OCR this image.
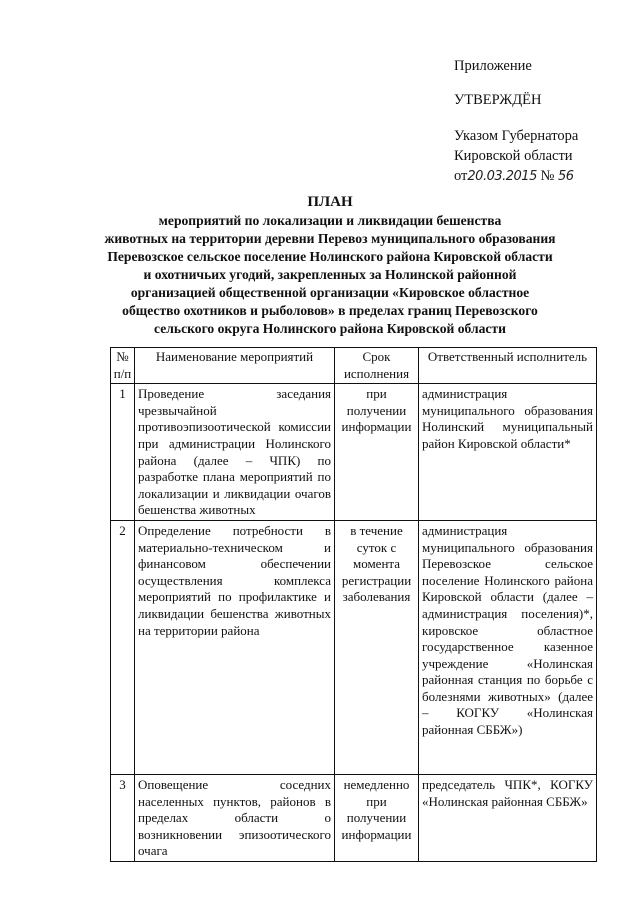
Приложение
УТВЕРЖДЁН
Указом Губернатора
Кировской области
от20.03.2015 № 56
ПЛАН
мероприятий по локализации и ликвидации бешенства
животных на территории деревни Перевоз муниципального образования
Перевозское сельское поселение Нолинского района Кировской области
и охотничьих угодий, закрепленных за Нолинской районной
организацией общественной организации «Кировское областное
общество охотников и рыболовов» в пределах границ Перевозского
сельского округа Нолинского района Кировской области
№ п/п	Наименование мероприятий	Срок исполнения	Ответственный исполнитель
1	Проведение заседания чрезвычайной противоэпизоотической комиссии при администрации Нолинского района (далее – ЧПК) по разработке плана мероприятий по локализации и ликвидации очагов бешенства животных	при получении информации	администрация муниципального образования Нолинский муниципальный район Кировской области*
2	Определение потребности в материально-техническом и финансовом обеспечении осуществления комплекса мероприятий по профилактике и ликвидации бешенства животных на территории района	в течение суток с момента регистрации заболевания	администрация муниципального образования Перевозское сельское поселение Нолинского района Кировской области (далее – администрация поселения)*, кировское областное государственное казенное учреждение «Нолинская районная станция по борьбе с болезнями животных» (далее – КОГКУ «Нолинская районная СББЖ»)
3	Оповещение соседних населенных пунктов, районов в пределах области о возникновении эпизоотического очага	немедленно при получении информации	председатель ЧПК*, КОГКУ «Нолинская районная СББЖ»
